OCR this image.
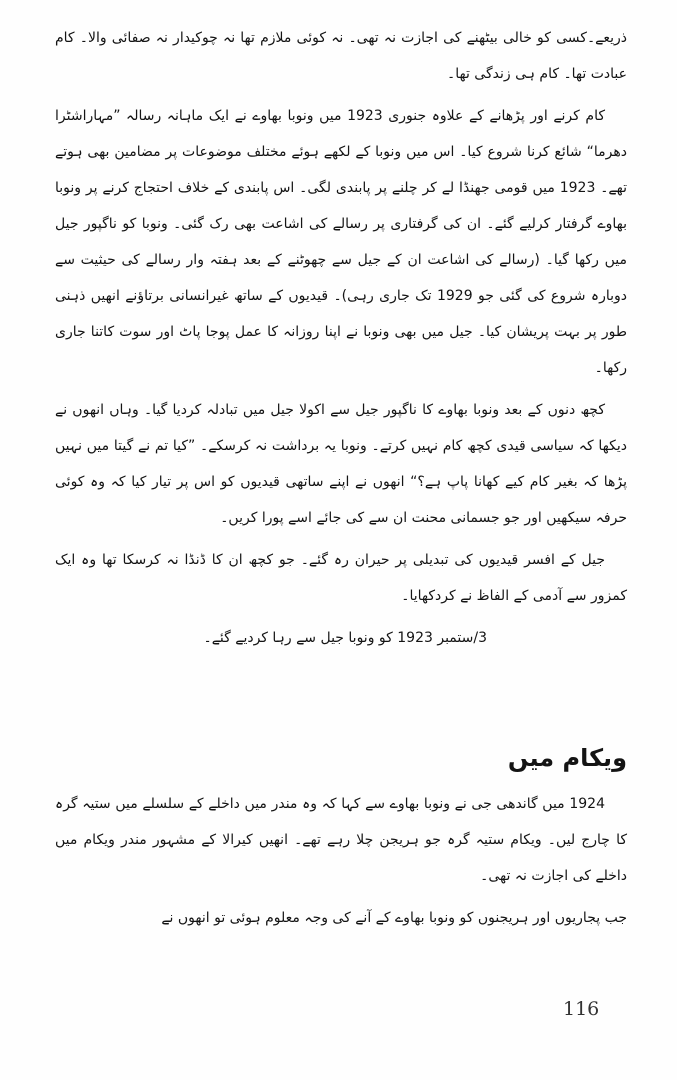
ذریعے۔کسی کو خالی بیٹھنے کی اجازت نہ تھی۔ نہ کوئی ملازم تھا نہ چوکیدار نہ صفائی والا۔ کام عبادت تھا۔ کام ہی زندگی تھا۔

کام کرنے اور پڑھانے کے علاوہ جنوری 1923 میں ونوبا بھاوے نے ایک ماہانہ رسالہ ”مہاراشٹرا دھرما“ شائع کرنا شروع کیا۔ اس میں ونوبا کے لکھے ہوئے مختلف موضوعات پر مضامین بھی ہوتے تھے۔ 1923 میں قومی جھنڈا لے کر چلنے پر پابندی لگی۔ اس پابندی کے خلاف احتجاج کرنے پر ونوبا بھاوے گرفتار کرلیے گئے۔ ان کی گرفتاری پر رسالے کی اشاعت بھی رک گئی۔ ونوبا کو ناگپور جیل میں رکھا گیا۔ (رسالے کی اشاعت ان کے جیل سے چھوٹنے کے بعد ہفتہ وار رسالے کی حیثیت سے دوبارہ شروع کی گئی جو 1929 تک جاری رہی)۔ قیدیوں کے ساتھ غیرانسانی برتاؤنے انھیں ذہنی طور پر بہت پریشان کیا۔ جیل میں بھی ونوبا نے اپنا روزانہ کا عمل پوجا پاٹ اور سوت کاتنا جاری رکھا۔

کچھ دنوں کے بعد ونوبا بھاوے کا ناگپور جیل سے اکولا جیل میں تبادلہ کردیا گیا۔ وہاں انھوں نے دیکھا کہ سیاسی قیدی کچھ کام نہیں کرتے۔ ونوبا یہ برداشت نہ کرسکے۔ ”کیا تم نے گیتا میں نہیں پڑھا کہ بغیر کام کیے کھانا پاپ ہے؟“ انھوں نے اپنے ساتھی قیدیوں کو اس پر تیار کیا کہ وہ کوئی حرفہ سیکھیں اور جو جسمانی محنت ان سے کی جائے اسے پورا کریں۔

جیل کے افسر قیدیوں کی تبدیلی پر حیران رہ گئے۔ جو کچھ ان کا ڈنڈا نہ کرسکا تھا وہ ایک کمزور سے آدمی کے الفاظ نے کردکھایا۔

3/ستمبر 1923 کو ونوبا جیل سے رہا کردیے گئے۔

ویکام میں

1924 میں گاندھی جی نے ونوبا بھاوے سے کہا کہ وہ مندر میں داخلے کے سلسلے میں ستیہ گرہ کا چارج لیں۔ ویکام ستیہ گرہ جو ہریجن چلا رہے تھے۔ انھیں کیرالا کے مشہور مندر ویکام میں داخلے کی اجازت نہ تھی۔

جب پجاریوں اور ہریجنوں کو ونوبا بھاوے کے آنے کی وجہ معلوم ہوئی تو انھوں نے

116
